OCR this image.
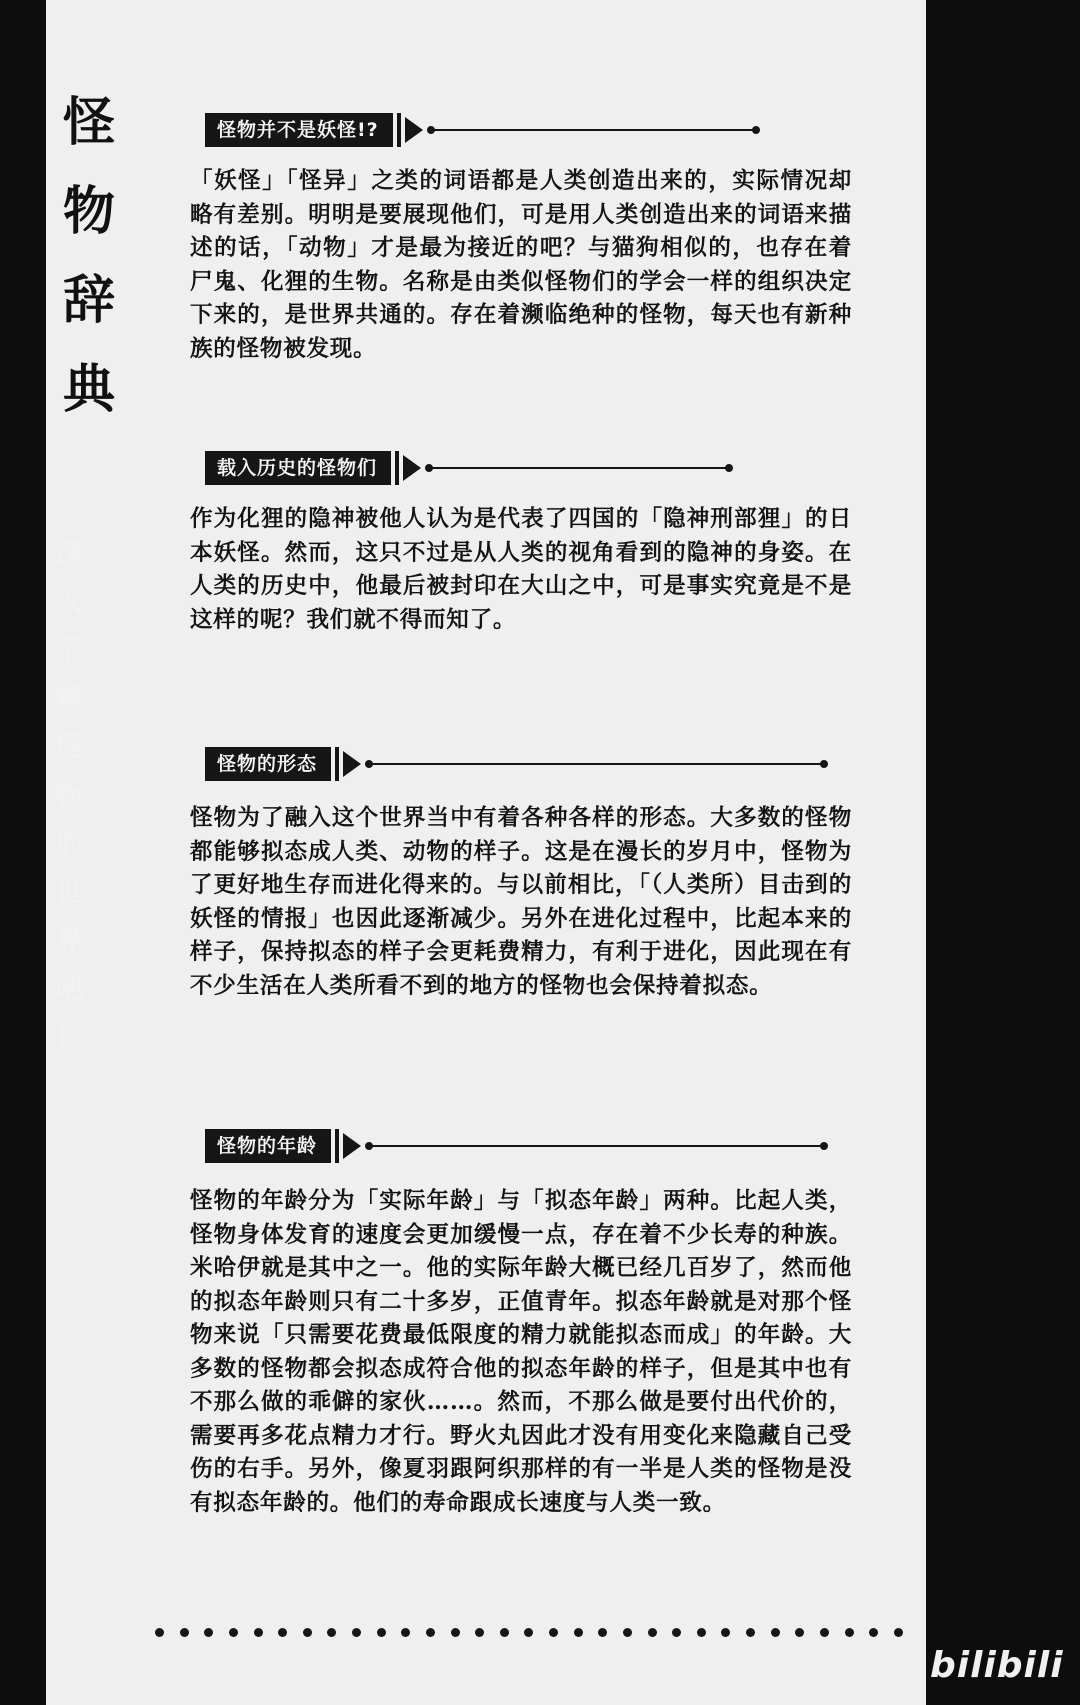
怪
物
辞
典
深
入
了
解
怪
物
的
世
界
吧
！
怪物并不是妖怪!?

「妖怪」「怪异」之类的词语都是人类创造出来的，实际情况却略有差别。明明是要展现他们，可是用人类创造出来的词语来描述的话，「动物」才是最为接近的吧？与猫狗相似的，也存在着尸鬼、化狸的生物。名称是由类似怪物们的学会一样的组织决定下来的，是世界共通的。存在着濒临绝种的怪物，每天也有新种族的怪物被发现。

载入历史的怪物们

作为化狸的隐神被他人认为是代表了四国的「隐神刑部狸」的日本妖怪。然而，这只不过是从人类的视角看到的隐神的身姿。在人类的历史中，他最后被封印在大山之中，可是事实究竟是不是这样的呢？我们就不得而知了。

怪物的形态

怪物为了融入这个世界当中有着各种各样的形态。大多数的怪物都能够拟态成人类、动物的样子。这是在漫长的岁月中，怪物为了更好地生存而进化得来的。与以前相比，「（人类所）目击到的妖怪的情报」也因此逐渐减少。另外在进化过程中，比起本来的样子，保持拟态的样子会更耗费精力，有利于进化，因此现在有不少生活在人类所看不到的地方的怪物也会保持着拟态。

怪物的年龄

怪物的年龄分为「实际年龄」与「拟态年龄」两种。比起人类，怪物身体发育的速度会更加缓慢一点，存在着不少长寿的种族。米哈伊就是其中之一。他的实际年龄大概已经几百岁了，然而他的拟态年龄则只有二十多岁，正值青年。拟态年龄就是对那个怪物来说「只需要花费最低限度的精力就能拟态而成」的年龄。大多数的怪物都会拟态成符合他的拟态年龄的样子，但是其中也有不那么做的乖僻的家伙……。然而，不那么做是要付出代价的，需要再多花点精力才行。野火丸因此才没有用变化来隐藏自己受伤的右手。另外，像夏羽跟阿织那样的有一半是人类的怪物是没有拟态年龄的。他们的寿命跟成长速度与人类一致。

bilibili
